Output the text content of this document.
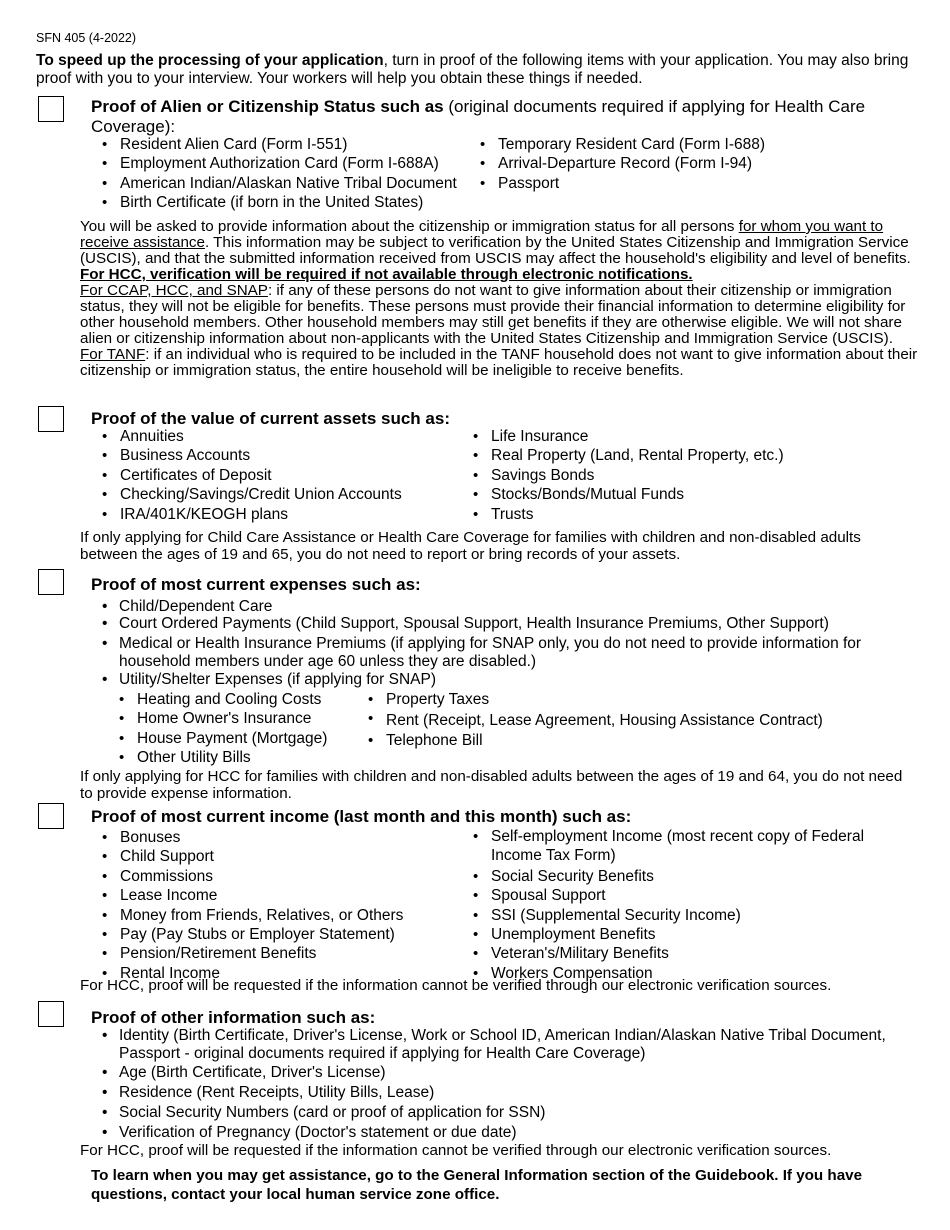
SFN 405 (4-2022)
To speed up the processing of your application, turn in proof of the following items with your application. You may also bring proof with you to your interview. Your workers will help you obtain these things if needed.
Proof of Alien or Citizenship Status such as (original documents required if applying for Health Care Coverage):
• Resident Alien Card (Form I-551)
• Employment Authorization Card (Form I-688A)
• American Indian/Alaskan Native Tribal Document
• Birth Certificate (if born in the United States)
• Temporary Resident Card (Form I-688)
• Arrival-Departure Record (Form I-94)
• Passport
You will be asked to provide information about the citizenship or immigration status for all persons for whom you want to receive assistance. This information may be subject to verification by the United States Citizenship and Immigration Service (USCIS), and that the submitted information received from USCIS may affect the household's eligibility and level of benefits. For HCC, verification will be required if not available through electronic notifications.
For CCAP, HCC, and SNAP: if any of these persons do not want to give information about their citizenship or immigration status, they will not be eligible for benefits. These persons must provide their financial information to determine eligibility for other household members. Other household members may still get benefits if they are otherwise eligible. We will not share alien or citizenship information about non-applicants with the United States Citizenship and Immigration Service (USCIS).
For TANF: if an individual who is required to be included in the TANF household does not want to give information about their citizenship or immigration status, the entire household will be ineligible to receive benefits.
Proof of the value of current assets such as:
• Annuities
• Business Accounts
• Certificates of Deposit
• Checking/Savings/Credit Union Accounts
• IRA/401K/KEOGH plans
• Life Insurance
• Real Property (Land, Rental Property, etc.)
• Savings Bonds
• Stocks/Bonds/Mutual Funds
• Trusts
If only applying for Child Care Assistance or Health Care Coverage for families with children and non-disabled adults between the ages of 19 and 65, you do not need to report or bring records of your assets.
Proof of most current expenses such as:
• Child/Dependent Care
• Court Ordered Payments (Child Support, Spousal Support, Health Insurance Premiums, Other Support)
• Medical or Health Insurance Premiums (if applying for SNAP only, you do not need to provide information for household members under age 60 unless they are disabled.)
• Utility/Shelter Expenses (if applying for SNAP)
• Heating and Cooling Costs
• Home Owner's Insurance
• House Payment (Mortgage)
• Other Utility Bills
• Property Taxes
• Rent (Receipt, Lease Agreement, Housing Assistance Contract)
• Telephone Bill
If only applying for HCC for families with children and non-disabled adults between the ages of 19 and 64, you do not need to provide expense information.
Proof of most current income (last month and this month) such as:
• Bonuses
• Child Support
• Commissions
• Lease Income
• Money from Friends, Relatives, or Others
• Pay (Pay Stubs or Employer Statement)
• Pension/Retirement Benefits
• Rental Income
• Self-employment Income (most recent copy of Federal Income Tax Form)
• Social Security Benefits
• Spousal Support
• SSI (Supplemental Security Income)
• Unemployment Benefits
• Veteran's/Military Benefits
• Workers Compensation
For HCC, proof will be requested if the information cannot be verified through our electronic verification sources.
Proof of other information such as:
• Identity (Birth Certificate, Driver's License, Work or School ID, American Indian/Alaskan Native Tribal Document, Passport - original documents required if applying for Health Care Coverage)
• Age (Birth Certificate, Driver's License)
• Residence (Rent Receipts, Utility Bills, Lease)
• Social Security Numbers (card or proof of application for SSN)
• Verification of Pregnancy (Doctor's statement or due date)
For HCC, proof will be requested if the information cannot be verified through our electronic verification sources.
To learn when you may get assistance, go to the General Information section of the Guidebook. If you have questions, contact your local human service zone office.
